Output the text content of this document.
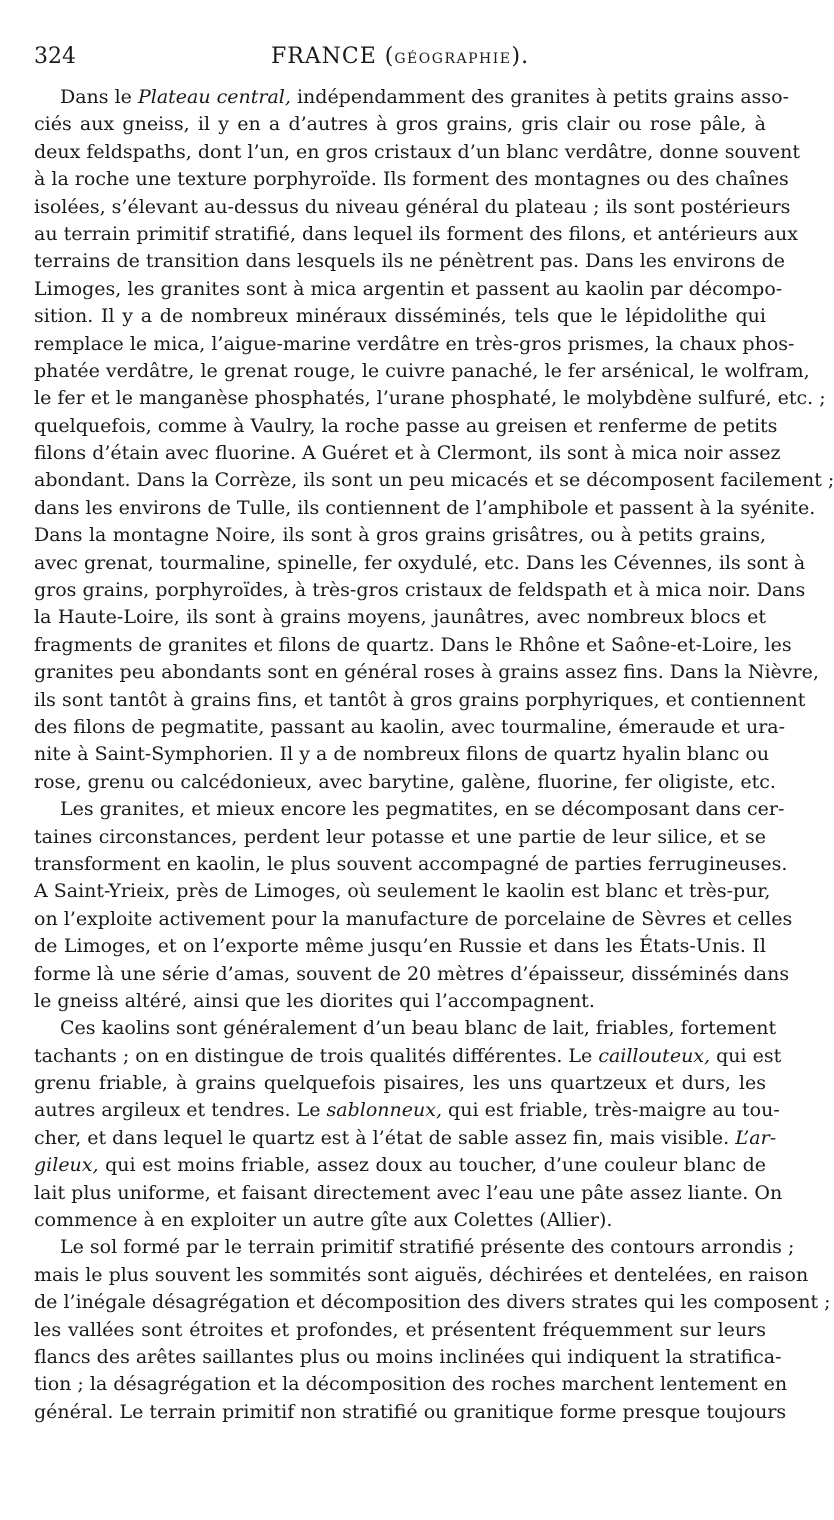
324	FRANCE (GÉOGRAPHIE).
Dans le Plateau central, indépendamment des granites à petits grains asso-
ciés aux gneiss, il y en a d’autres à gros grains, gris clair ou rose pâle, à
deux feldspaths, dont l’un, en gros cristaux d’un blanc verdâtre, donne souvent
à la roche une texture porphyroïde. Ils forment des montagnes ou des chaînes
isolées, s’élevant au-dessus du niveau général du plateau ; ils sont postérieurs
au terrain primitif stratifié, dans lequel ils forment des filons, et antérieurs aux
terrains de transition dans lesquels ils ne pénètrent pas. Dans les environs de
Limoges, les granites sont à mica argentin et passent au kaolin par décompo-
sition. Il y a de nombreux minéraux disséminés, tels que le lépidolithe qui
remplace le mica, l’aigue-marine verdâtre en très-gros prismes, la chaux phos-
phatée verdâtre, le grenat rouge, le cuivre panaché, le fer arsénical, le wolfram,
le fer et le manganèse phosphatés, l’urane phosphaté, le molybdène sulfuré, etc. ;
quelquefois, comme à Vaulry, la roche passe au greisen et renferme de petits
filons d’étain avec fluorine. A Guéret et à Clermont, ils sont à mica noir assez
abondant. Dans la Corrèze, ils sont un peu micacés et se décomposent facilement ;
dans les environs de Tulle, ils contiennent de l’amphibole et passent à la syénite.
Dans la montagne Noire, ils sont à gros grains grisâtres, ou à petits grains,
avec grenat, tourmaline, spinelle, fer oxydulé, etc. Dans les Cévennes, ils sont à
gros grains, porphyroïdes, à très-gros cristaux de feldspath et à mica noir. Dans
la Haute-Loire, ils sont à grains moyens, jaunâtres, avec nombreux blocs et
fragments de granites et filons de quartz. Dans le Rhône et Saône-et-Loire, les
granites peu abondants sont en général roses à grains assez fins. Dans la Nièvre,
ils sont tantôt à grains fins, et tantôt à gros grains porphyriques, et contiennent
des filons de pegmatite, passant au kaolin, avec tourmaline, émeraude et ura-
nite à Saint-Symphorien. Il y a de nombreux filons de quartz hyalin blanc ou
rose, grenu ou calcédonieux, avec barytine, galène, fluorine, fer oligiste, etc.
Les granites, et mieux encore les pegmatites, en se décomposant dans cer-
taines circonstances, perdent leur potasse et une partie de leur silice, et se
transforment en kaolin, le plus souvent accompagné de parties ferrugineuses.
A Saint-Yrieix, près de Limoges, où seulement le kaolin est blanc et très-pur,
on l’exploite activement pour la manufacture de porcelaine de Sèvres et celles
de Limoges, et on l’exporte même jusqu’en Russie et dans les États-Unis. Il
forme là une série d’amas, souvent de 20 mètres d’épaisseur, disséminés dans
le gneiss altéré, ainsi que les diorites qui l’accompagnent.
Ces kaolins sont généralement d’un beau blanc de lait, friables, fortement
tachants ; on en distingue de trois qualités différentes. Le caillouteux, qui est
grenu friable, à grains quelquefois pisaires, les uns quartzeux et durs, les
autres argileux et tendres. Le sablonneux, qui est friable, très-maigre au tou-
cher, et dans lequel le quartz est à l’état de sable assez fin, mais visible. L’ar-
gileux, qui est moins friable, assez doux au toucher, d’une couleur blanc de
lait plus uniforme, et faisant directement avec l’eau une pâte assez liante. On
commence à en exploiter un autre gîte aux Colettes (Allier).
Le sol formé par le terrain primitif stratifié présente des contours arrondis ;
mais le plus souvent les sommités sont aiguës, déchirées et dentelées, en raison
de l’inégale désagrégation et décomposition des divers strates qui les composent ;
les vallées sont étroites et profondes, et présentent fréquemment sur leurs
flancs des arêtes saillantes plus ou moins inclinées qui indiquent la stratifica-
tion ; la désagrégation et la décomposition des roches marchent lentement en
général. Le terrain primitif non stratifié ou granitique forme presque toujours
